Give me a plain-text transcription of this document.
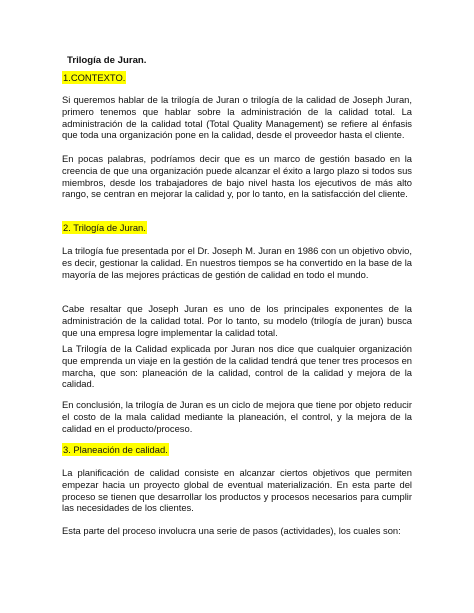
Trilogía de Juran.
1.CONTEXTO.
Si queremos hablar de la trilogía de Juran o trilogía de la calidad de Joseph Juran, primero tenemos que hablar sobre la administración de la calidad total. La administración de la calidad total (Total Quality Management) se refiere al énfasis que toda una organización pone en la calidad, desde el proveedor hasta el cliente.
En pocas palabras, podríamos decir que es un marco de gestión basado en la creencia de que una organización puede alcanzar el éxito a largo plazo si todos sus miembros, desde los trabajadores de bajo nivel hasta los ejecutivos de más alto rango, se centran en mejorar la calidad y, por lo tanto, en la satisfacción del cliente.
2. Trilogía de Juran.
La trilogía fue presentada por el Dr. Joseph M. Juran en 1986 con un objetivo obvio, es decir, gestionar la calidad. En nuestros tiempos se ha convertido en la base de la mayoría de las mejores prácticas de gestión de calidad en todo el mundo.
Cabe resaltar que Joseph Juran es uno de los principales exponentes de la administración de la calidad total. Por lo tanto, su modelo (trilogía de juran) busca que una empresa logre implementar la calidad total.
La Trilogía de la Calidad explicada por Juran nos dice que cualquier organización que emprenda un viaje en la gestión de la calidad tendrá que tener tres procesos en marcha, que son: planeación de la calidad, control de la calidad y mejora de la calidad.
En conclusión, la trilogía de Juran es un ciclo de mejora que tiene por objeto reducir el costo de la mala calidad mediante la planeación, el control, y la mejora de la calidad en el producto/proceso.
3. Planeación de calidad.
La planificación de calidad consiste en alcanzar ciertos objetivos que permiten empezar hacia un proyecto global de eventual materialización. En esta parte del proceso se tienen que desarrollar los productos y procesos necesarios para cumplir las necesidades de los clientes.
Esta parte del proceso involucra una serie de pasos (actividades), los cuales son:
